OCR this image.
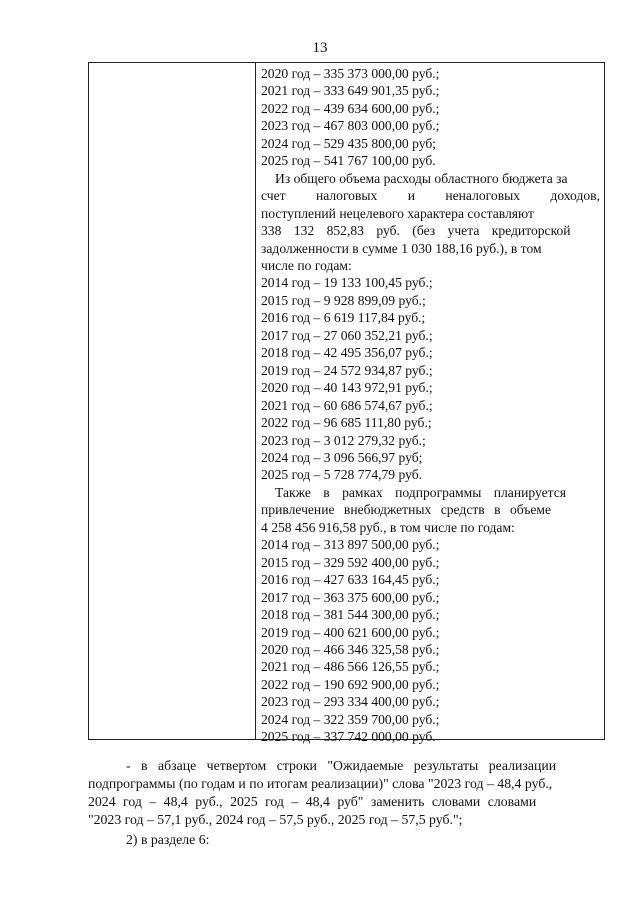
13
2020 год – 335 373 000,00 руб.;
2021 год – 333 649 901,35 руб.;
2022 год – 439 634 600,00 руб.;
2023 год – 467 803 000,00 руб.;
2024 год – 529 435 800,00 руб;
2025 год – 541 767 100,00 руб.
Из общего объема расходы областного бюджета за
счет налоговых и неналоговых доходов,
поступлений нецелевого характера составляют
338 132 852,83 руб. (без учета кредиторской
задолженности в сумме 1 030 188,16 руб.), в том
числе по годам:
2014 год – 19 133 100,45 руб.;
2015 год – 9 928 899,09 руб.;
2016 год – 6 619 117,84 руб.;
2017 год – 27 060 352,21 руб.;
2018 год – 42 495 356,07 руб.;
2019 год – 24 572 934,87 руб.;
2020 год – 40 143 972,91 руб.;
2021 год – 60 686 574,67 руб.;
2022 год – 96 685 111,80 руб.;
2023 год – 3 012 279,32 руб.;
2024 год – 3 096 566,97 руб;
2025 год – 5 728 774,79 руб.
Также в рамках подпрограммы планируется
привлечение внебюджетных средств в объеме
4 258 456 916,58 руб., в том числе по годам:
2014 год – 313 897 500,00 руб.;
2015 год – 329 592 400,00 руб.;
2016 год – 427 633 164,45 руб.;
2017 год – 363 375 600,00 руб.;
2018 год – 381 544 300,00 руб.;
2019 год – 400 621 600,00 руб.;
2020 год – 466 346 325,58 руб.;
2021 год – 486 566 126,55 руб.;
2022 год – 190 692 900,00 руб.;
2023 год – 293 334 400,00 руб.;
2024 год – 322 359 700,00 руб.;
2025 год – 337 742 000,00 руб.
- в абзаце четвертом строки "Ожидаемые результаты реализации
подпрограммы (по годам и по итогам реализации)" слова "2023 год – 48,4 руб.,
2024 год – 48,4 руб., 2025 год – 48,4 руб" заменить словами словами
"2023 год – 57,1 руб., 2024 год – 57,5 руб., 2025 год – 57,5 руб.";
2) в разделе 6:
